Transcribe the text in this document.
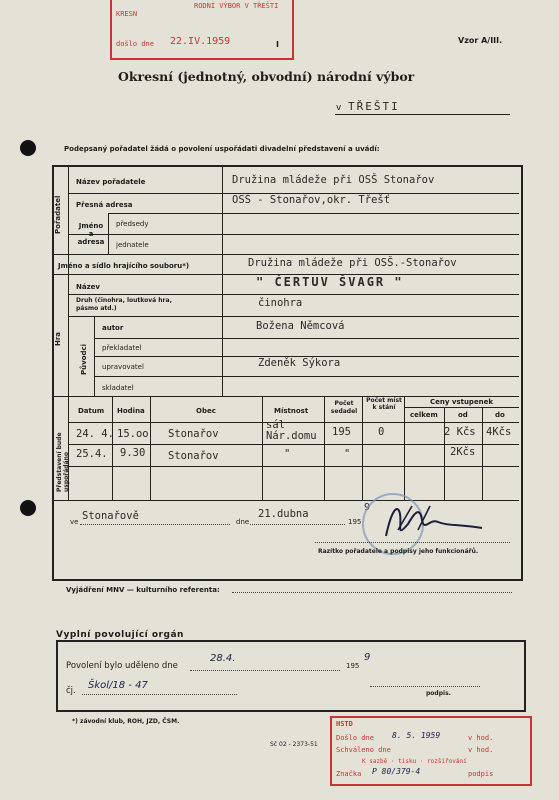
KRESN
RODNÍ VÝBOR V TŘEŠTI
došlo dne 22.IV.1959	I	Vzor A/III.
Okresní (jednotný, obvodní) národní výbor
v TŘEŠTI
Podepsaný pořadatel žádá o povolení uspořádati divadelní představení a uvádí:
Pořadatel
Hra
Původci
Představení bude uspořádáno
Název pořadatele	Družina mládeže při OSŠ Stonařov
Přesná adresa	OSŠ - Stonařov,okr. Třešť
Jméno a adresa
předsedy
jednatele
Jméno a sídlo hrajícího souboru*)	Družina mládeže při OSŠ.-Stonařov
Název	" ČERTUV ŠVAGR "
Druh (činohra, loutková hra, pásmo atd.)	činohra
autor	Božena Němcová
překladatel
upravovatel	Zdeněk Sýkora
skladatel
Datum Hodina	Obec	Místnost
Počet sedadel
Počet míst k stání
Ceny vstupenek
celkem	od	do
24. 4. 15.oo Stonařov
sál Nár.domu	195	0	2 Kčs 4Kčs
25.4. 9.30 Stonařov	"	"	2Kčs
ve Stonařově	dne
21.dubna
195
9
Razítko pořadatele a podpisy jeho funkcionářů.
Vyjádření MNV — kulturního referenta:
Vyplní povolující orgán
Povolení bylo uděleno dne
28.4.
195
9
čj. Škol/18 - 47
podpis.
*) závodní klub, ROH, JZD, ČSM.
Sč 02 - 2373-51
HSTD
Došlo dne 8. 5. 1959	v hod.
Schváleno dne	v hod.
K sazbě · tisku · rozšiřování
Značka P 80/379-4	podpis
